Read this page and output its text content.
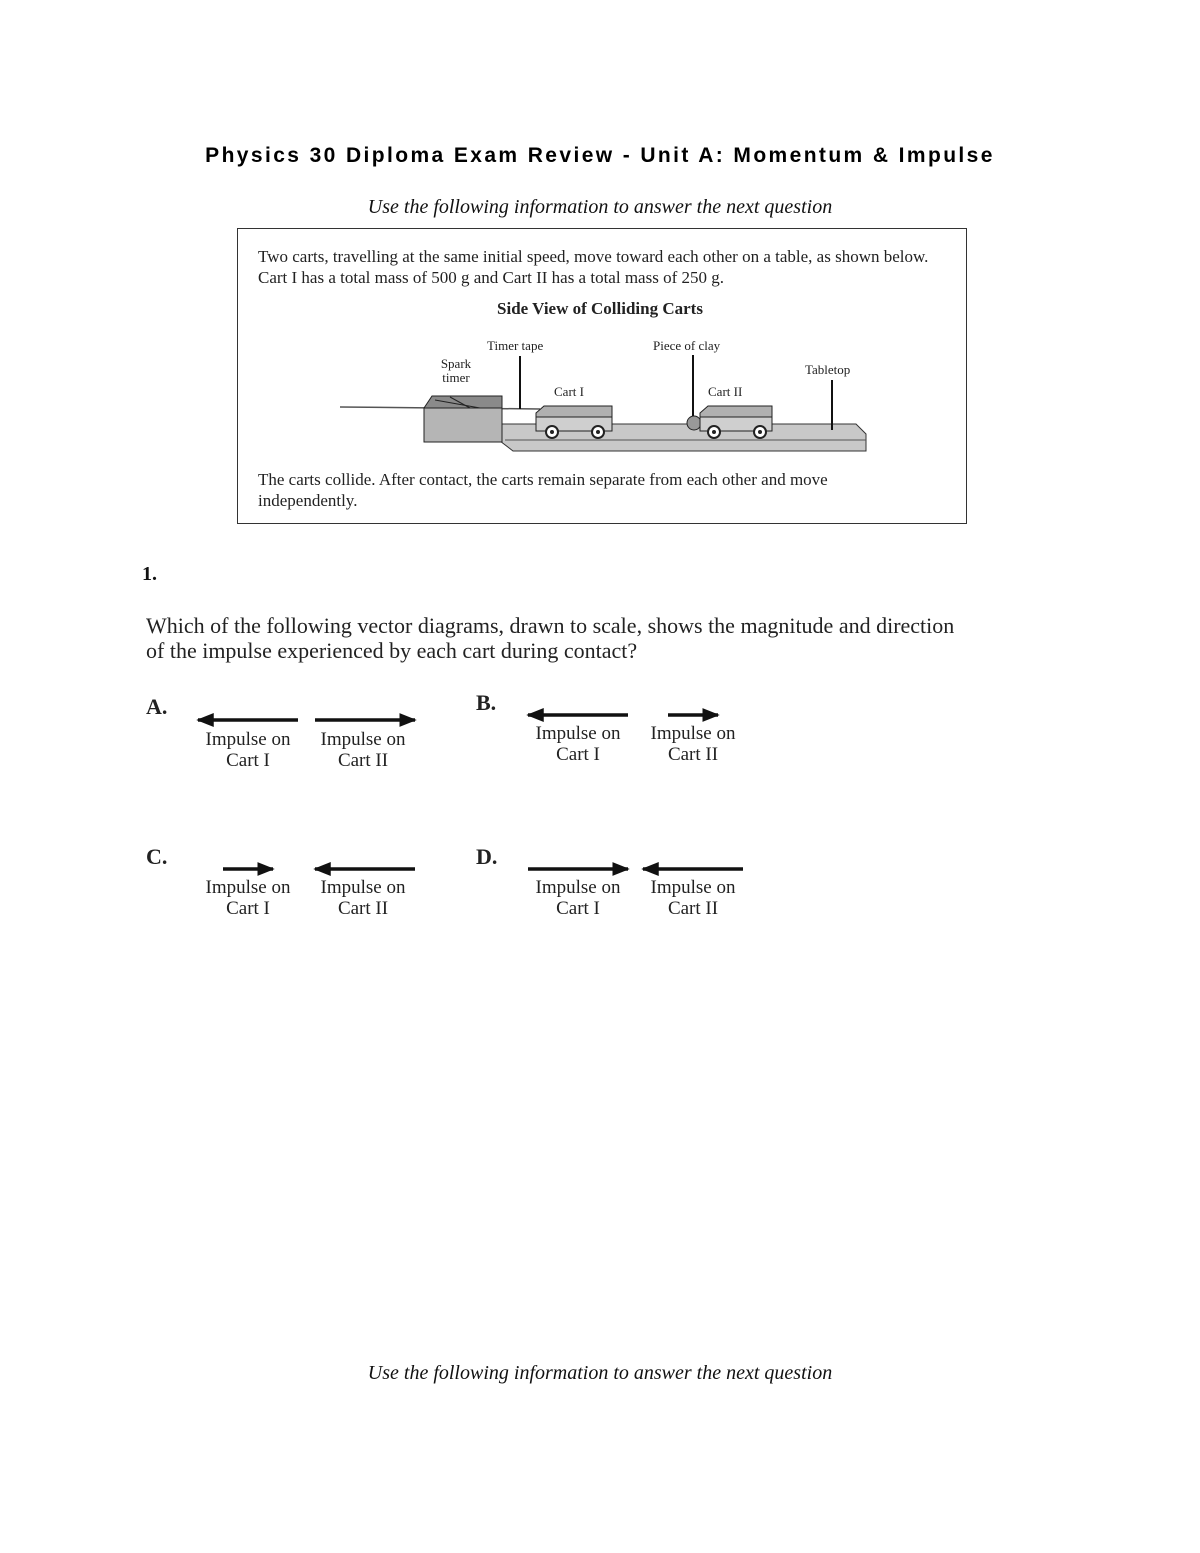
Physics 30 Diploma Exam Review - Unit A: Momentum & Impulse
Use the following information to answer the next question
Two carts, travelling at the same initial speed, move toward each other on a table, as shown below. Cart I has a total mass of 500 g and Cart II has a total mass of 250 g.
Side View of Colliding Carts
Spark timer
Timer tape
Cart I
Piece of clay
Cart II
Tabletop
The carts collide. After contact, the carts remain separate from each other and move independently.
1.
Which of the following vector diagrams, drawn to scale, shows the magnitude and direction of the impulse experienced by each cart during contact?
A.	B.
C.	D.
Impulse on Cart I
Impulse on Cart II
Impulse on Cart I
Impulse on Cart II
Impulse on Cart I
Impulse on Cart II
Impulse on Cart I
Impulse on Cart II
Use the following information to answer the next question
